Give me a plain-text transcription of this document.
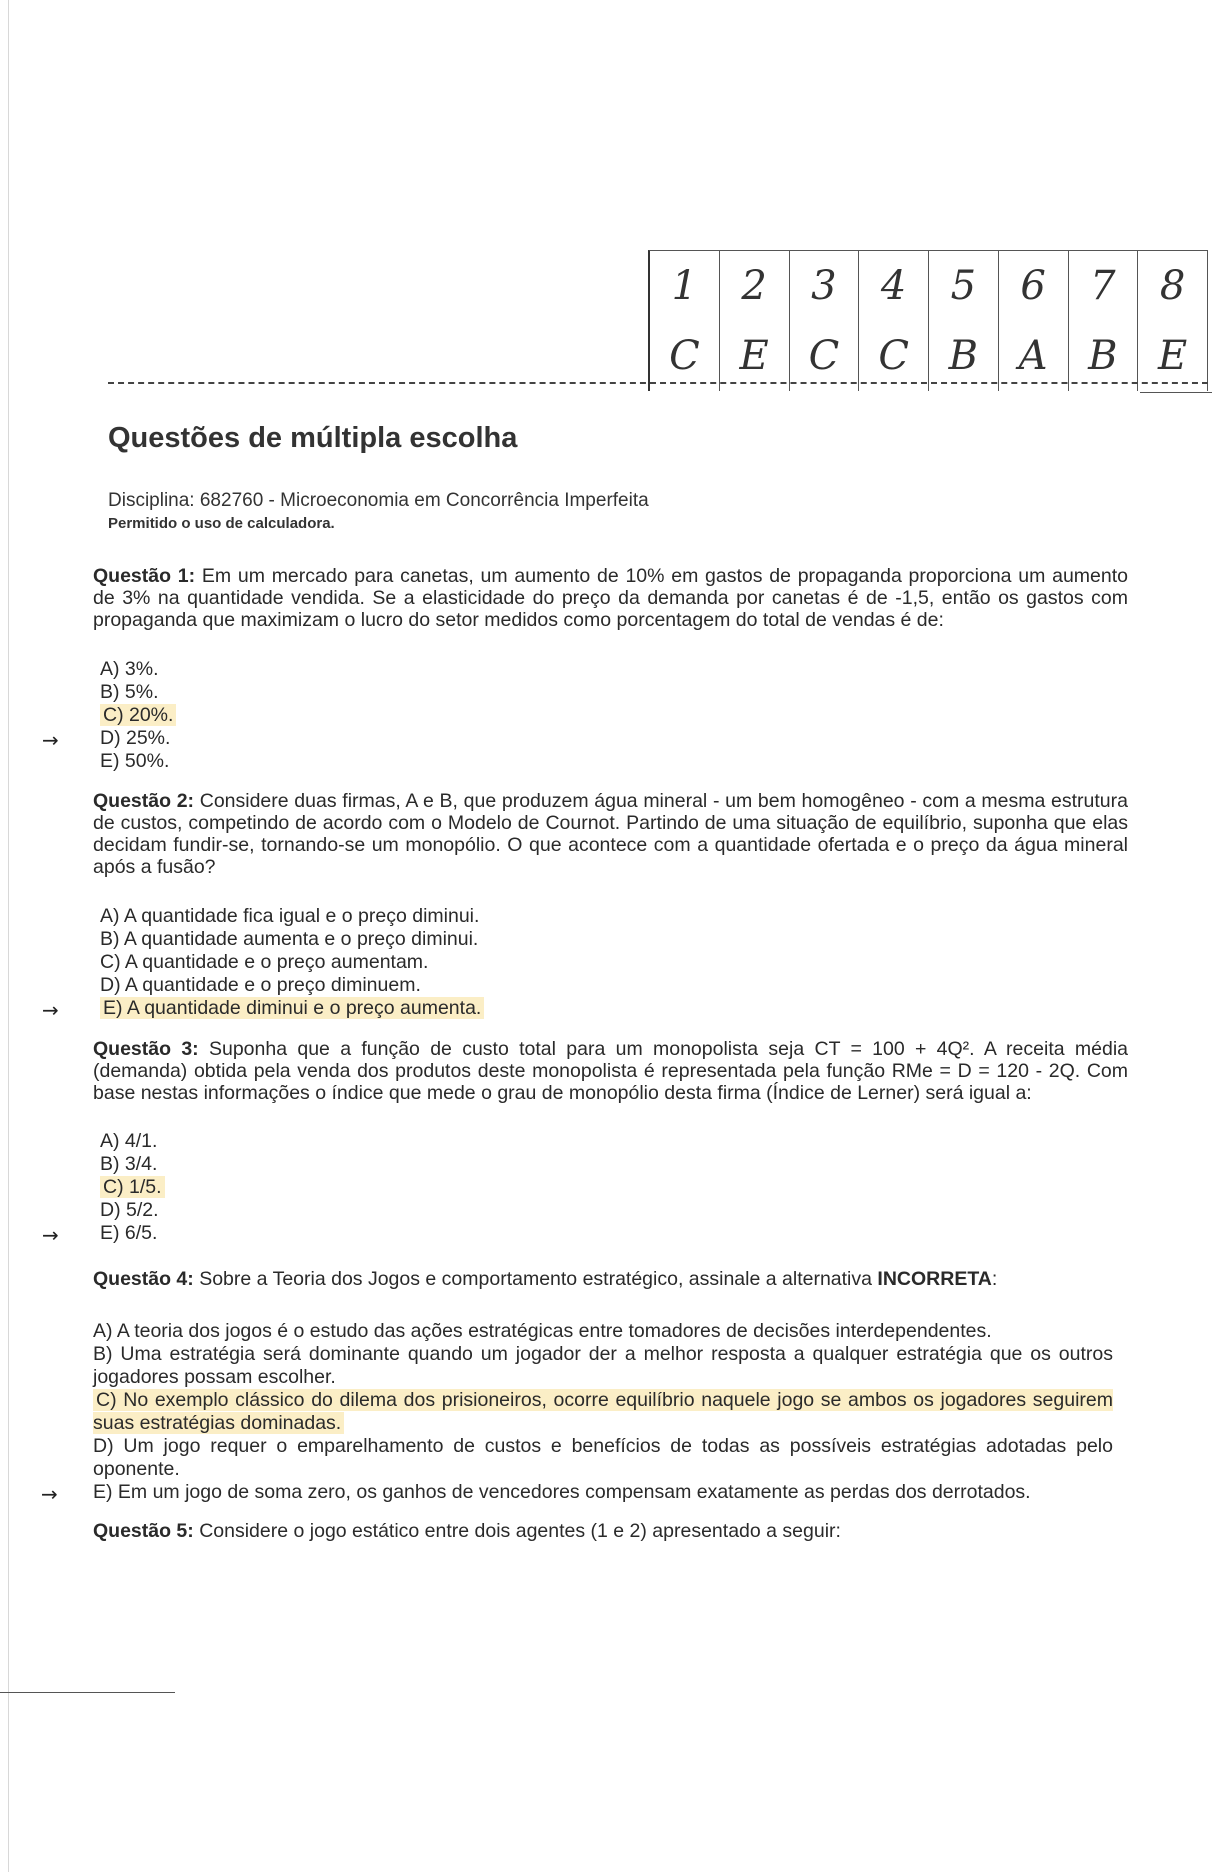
1
C
2
E
3
C
4
C
5
B
6
A
7
B
8
E
Questões de múltipla escolha
Disciplina: 682760 - Microeconomia em Concorrência Imperfeita
Permitido o uso de calculadora.
Questão 1: Em um mercado para canetas, um aumento de 10% em gastos de propaganda proporciona um aumento de 3% na quantidade vendida. Se a elasticidade do preço da demanda por canetas é de -1,5, então os gastos com propaganda que maximizam o lucro do setor medidos como porcentagem do total de vendas é de:
A) 3%.
B) 5%.
C) 20%.
→ D) 25%.
E) 50%.
Questão 2: Considere duas firmas, A e B, que produzem água mineral - um bem homogêneo - com a mesma estrutura de custos, competindo de acordo com o Modelo de Cournot. Partindo de uma situação de equilíbrio, suponha que elas decidam fundir-se, tornando-se um monopólio. O que acontece com a quantidade ofertada e o preço da água mineral após a fusão?
A) A quantidade fica igual e o preço diminui.
B) A quantidade aumenta e o preço diminui.
C) A quantidade e o preço aumentam.
D) A quantidade e o preço diminuem.
→ E) A quantidade diminui e o preço aumenta.
Questão 3: Suponha que a função de custo total para um monopolista seja CT = 100 + 4Q². A receita média (demanda) obtida pela venda dos produtos deste monopolista é representada pela função RMe = D = 120 - 2Q. Com base nestas informações o índice que mede o grau de monopólio desta firma (Índice de Lerner) será igual a:
A) 4/1.
B) 3/4.
C) 1/5.
D) 5/2.
→ E) 6/5.
Questão 4: Sobre a Teoria dos Jogos e comportamento estratégico, assinale a alternativa INCORRETA:
A) A teoria dos jogos é o estudo das ações estratégicas entre tomadores de decisões interdependentes.
B) Uma estratégia será dominante quando um jogador der a melhor resposta a qualquer estratégia que os outros jogadores possam escolher.
C) No exemplo clássico do dilema dos prisioneiros, ocorre equilíbrio naquele jogo se ambos os jogadores seguirem suas estratégias dominadas.
D) Um jogo requer o emparelhamento de custos e benefícios de todas as possíveis estratégias adotadas pelo oponente.
→ E) Em um jogo de soma zero, os ganhos de vencedores compensam exatamente as perdas dos derrotados.
Questão 5: Considere o jogo estático entre dois agentes (1 e 2) apresentado a seguir:
